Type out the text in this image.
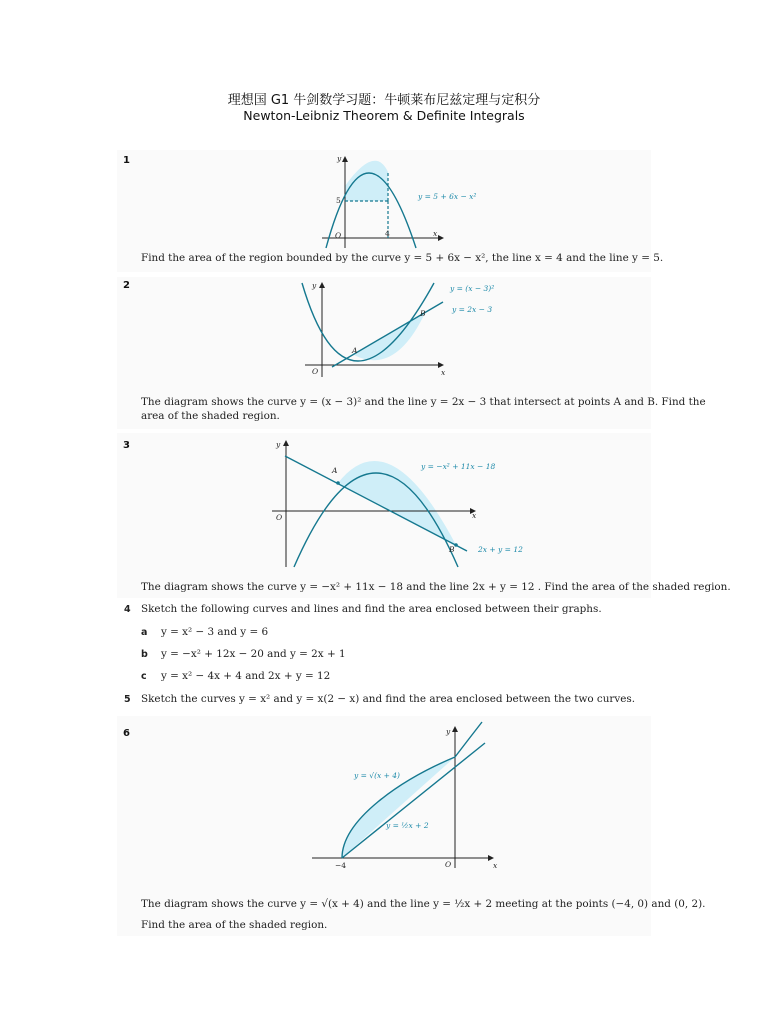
理想国 G1 牛剑数学习题：牛顿莱布尼兹定理与定积分
Newton-Leibniz Theorem & Definite Integrals
1	y
x
O
5
4
y = 5 + 6x − x²
Find the area of the region bounded by the curve y = 5 + 6x − x², the line x = 4 and the line y = 5.
2	y
x
O
A
B
y = (x − 3)²
y = 2x − 3
The diagram shows the curve y = (x − 3)² and the line y = 2x − 3 that intersect at points A and B. Find the
area of the shaded region.
3	y
x
O
A
B
y = −x² + 11x − 18
2x + y = 12
The diagram shows the curve y = −x² + 11x − 18 and the line 2x + y = 12 . Find the area of the shaded region.
4 Sketch the following curves and lines and find the area enclosed between their graphs.
a y = x² − 3 and y = 6
b y = −x² + 12x − 20 and y = 2x + 1
c y = x² − 4x + 4 and 2x + y = 12
5 Sketch the curves y = x² and y = x(2 − x) and find the area enclosed between the two curves.
6	y
x
O
−4
y = √(x + 4)
y = ½x + 2
The diagram shows the curve y = √(x + 4) and the line y = ½x + 2 meeting at the points (−4, 0) and (0, 2).
Find the area of the shaded region.
